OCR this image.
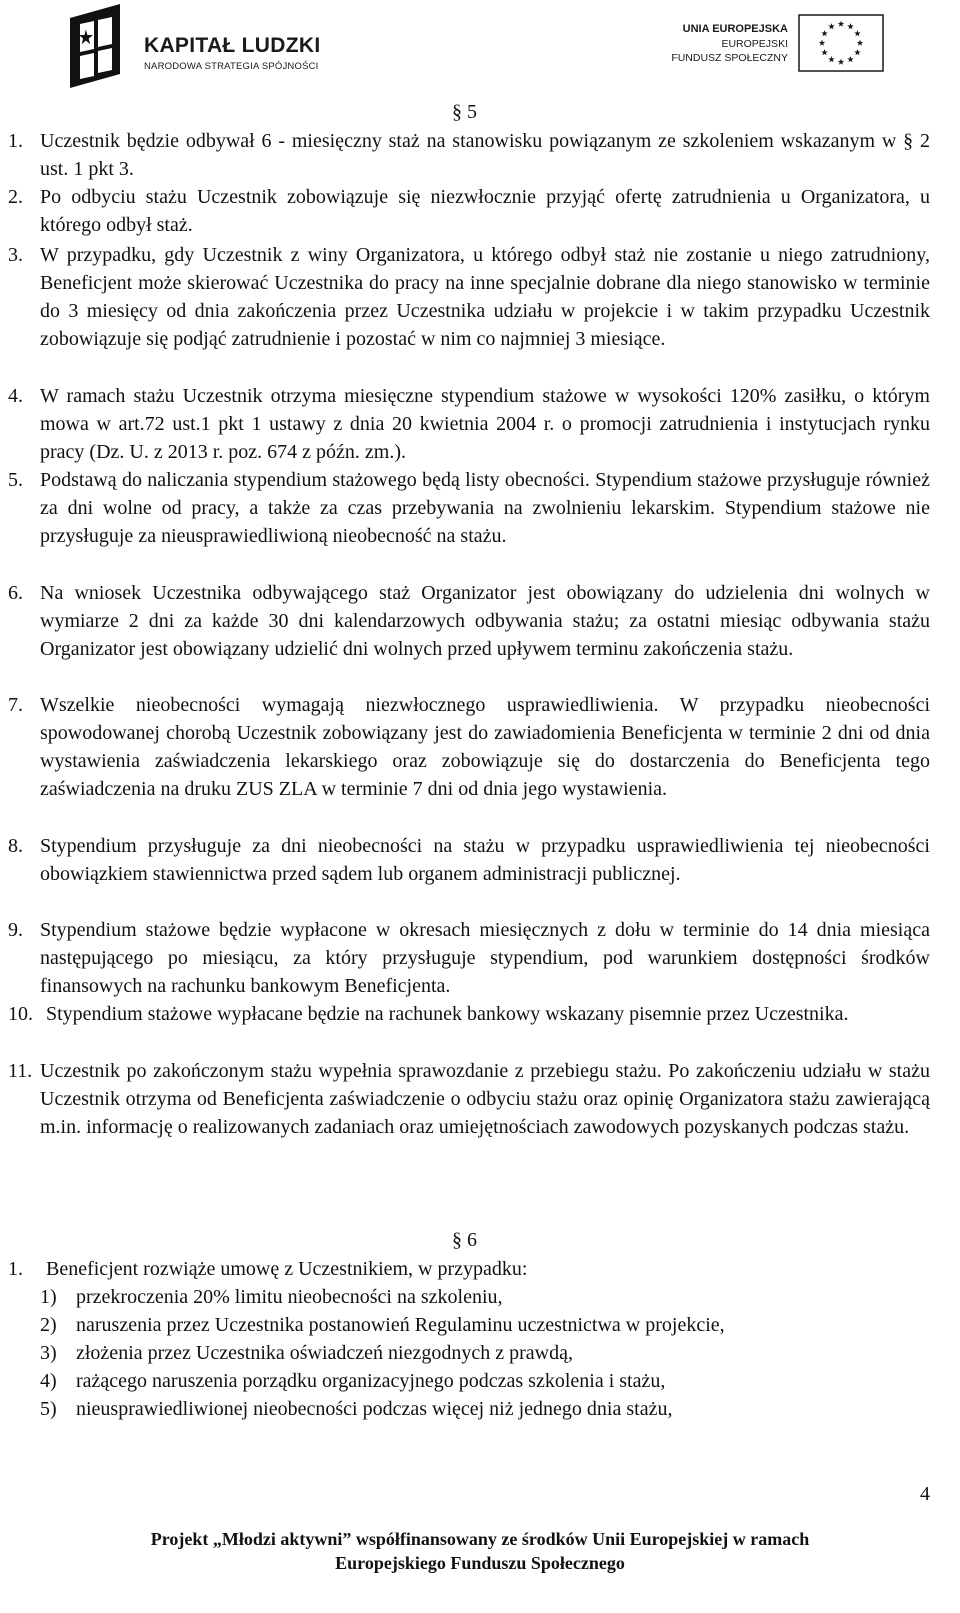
KAPITAŁ LUDZKI
NARODOWA STRATEGIA SPÓJNOŚCI
UNIA EUROPEJSKA
EUROPEJSKI
FUNDUSZ SPOŁECZNY
§ 5
1. Uczestnik będzie odbywał 6 - miesięczny staż na stanowisku powiązanym ze szkoleniem wskazanym w § 2 ust. 1 pkt 3.
2. Po odbyciu stażu Uczestnik zobowiązuje się niezwłocznie przyjąć ofertę zatrudnienia u Organizatora, u którego odbył staż.
3. W przypadku, gdy Uczestnik z winy Organizatora, u którego odbył staż nie zostanie u niego zatrudniony, Beneficjent może skierować Uczestnika do pracy na inne specjalnie dobrane dla niego stanowisko w terminie do 3 miesięcy od dnia zakończenia przez Uczestnika udziału w projekcie i w takim przypadku Uczestnik zobowiązuje się podjąć zatrudnienie i pozostać w nim co najmniej 3 miesiące.
4. W ramach stażu Uczestnik otrzyma miesięczne stypendium stażowe w wysokości 120% zasiłku, o którym mowa w art.72 ust.1 pkt 1 ustawy z dnia 20 kwietnia 2004 r. o promocji zatrudnienia i instytucjach rynku pracy (Dz. U. z 2013 r. poz. 674 z późn. zm.).
5. Podstawą do naliczania stypendium stażowego będą listy obecności. Stypendium stażowe przysługuje również za dni wolne od pracy, a także za czas przebywania na zwolnieniu lekarskim. Stypendium stażowe nie przysługuje za nieusprawiedliwioną nieobecność na stażu.
6. Na wniosek Uczestnika odbywającego staż Organizator jest obowiązany do udzielenia dni wolnych w wymiarze 2 dni za każde 30 dni kalendarzowych odbywania stażu; za ostatni miesiąc odbywania stażu Organizator jest obowiązany udzielić dni wolnych przed upływem terminu zakończenia stażu.
7. Wszelkie nieobecności wymagają niezwłocznego usprawiedliwienia. W przypadku nieobecności spowodowanej chorobą Uczestnik zobowiązany jest do zawiadomienia Beneficjenta w terminie 2 dni od dnia wystawienia zaświadczenia lekarskiego oraz zobowiązuje się do dostarczenia do Beneficjenta tego zaświadczenia na druku ZUS ZLA w terminie 7 dni od dnia jego wystawienia.
8. Stypendium przysługuje za dni nieobecności na stażu w przypadku usprawiedliwienia tej nieobecności obowiązkiem stawiennictwa przed sądem lub organem administracji publicznej.
9. Stypendium stażowe będzie wypłacone w okresach miesięcznych z dołu w terminie do 14 dnia miesiąca następującego po miesiącu, za który przysługuje stypendium, pod warunkiem dostępności środków finansowych na rachunku bankowym Beneficjenta.
10. Stypendium stażowe wypłacane będzie na rachunek bankowy wskazany pisemnie przez Uczestnika.
11. Uczestnik po zakończonym stażu wypełnia sprawozdanie z przebiegu stażu. Po zakończeniu udziału w stażu Uczestnik otrzyma od Beneficjenta zaświadczenie o odbyciu stażu oraz opinię Organizatora stażu zawierającą m.in. informację o realizowanych zadaniach oraz umiejętnościach zawodowych pozyskanych podczas stażu.
§ 6
1. Beneficjent rozwiąże umowę z Uczestnikiem, w przypadku:
1) przekroczenia 20% limitu nieobecności na szkoleniu,
2) naruszenia przez Uczestnika postanowień Regulaminu uczestnictwa w projekcie,
3) złożenia przez Uczestnika oświadczeń niezgodnych z prawdą,
4) rażącego naruszenia porządku organizacyjnego podczas szkolenia i stażu,
5) nieusprawiedliwionej nieobecności podczas więcej niż jednego dnia stażu,
4
Projekt „Młodzi aktywni” współfinansowany ze środków Unii Europejskiej w ramach
Europejskiego Funduszu Społecznego
